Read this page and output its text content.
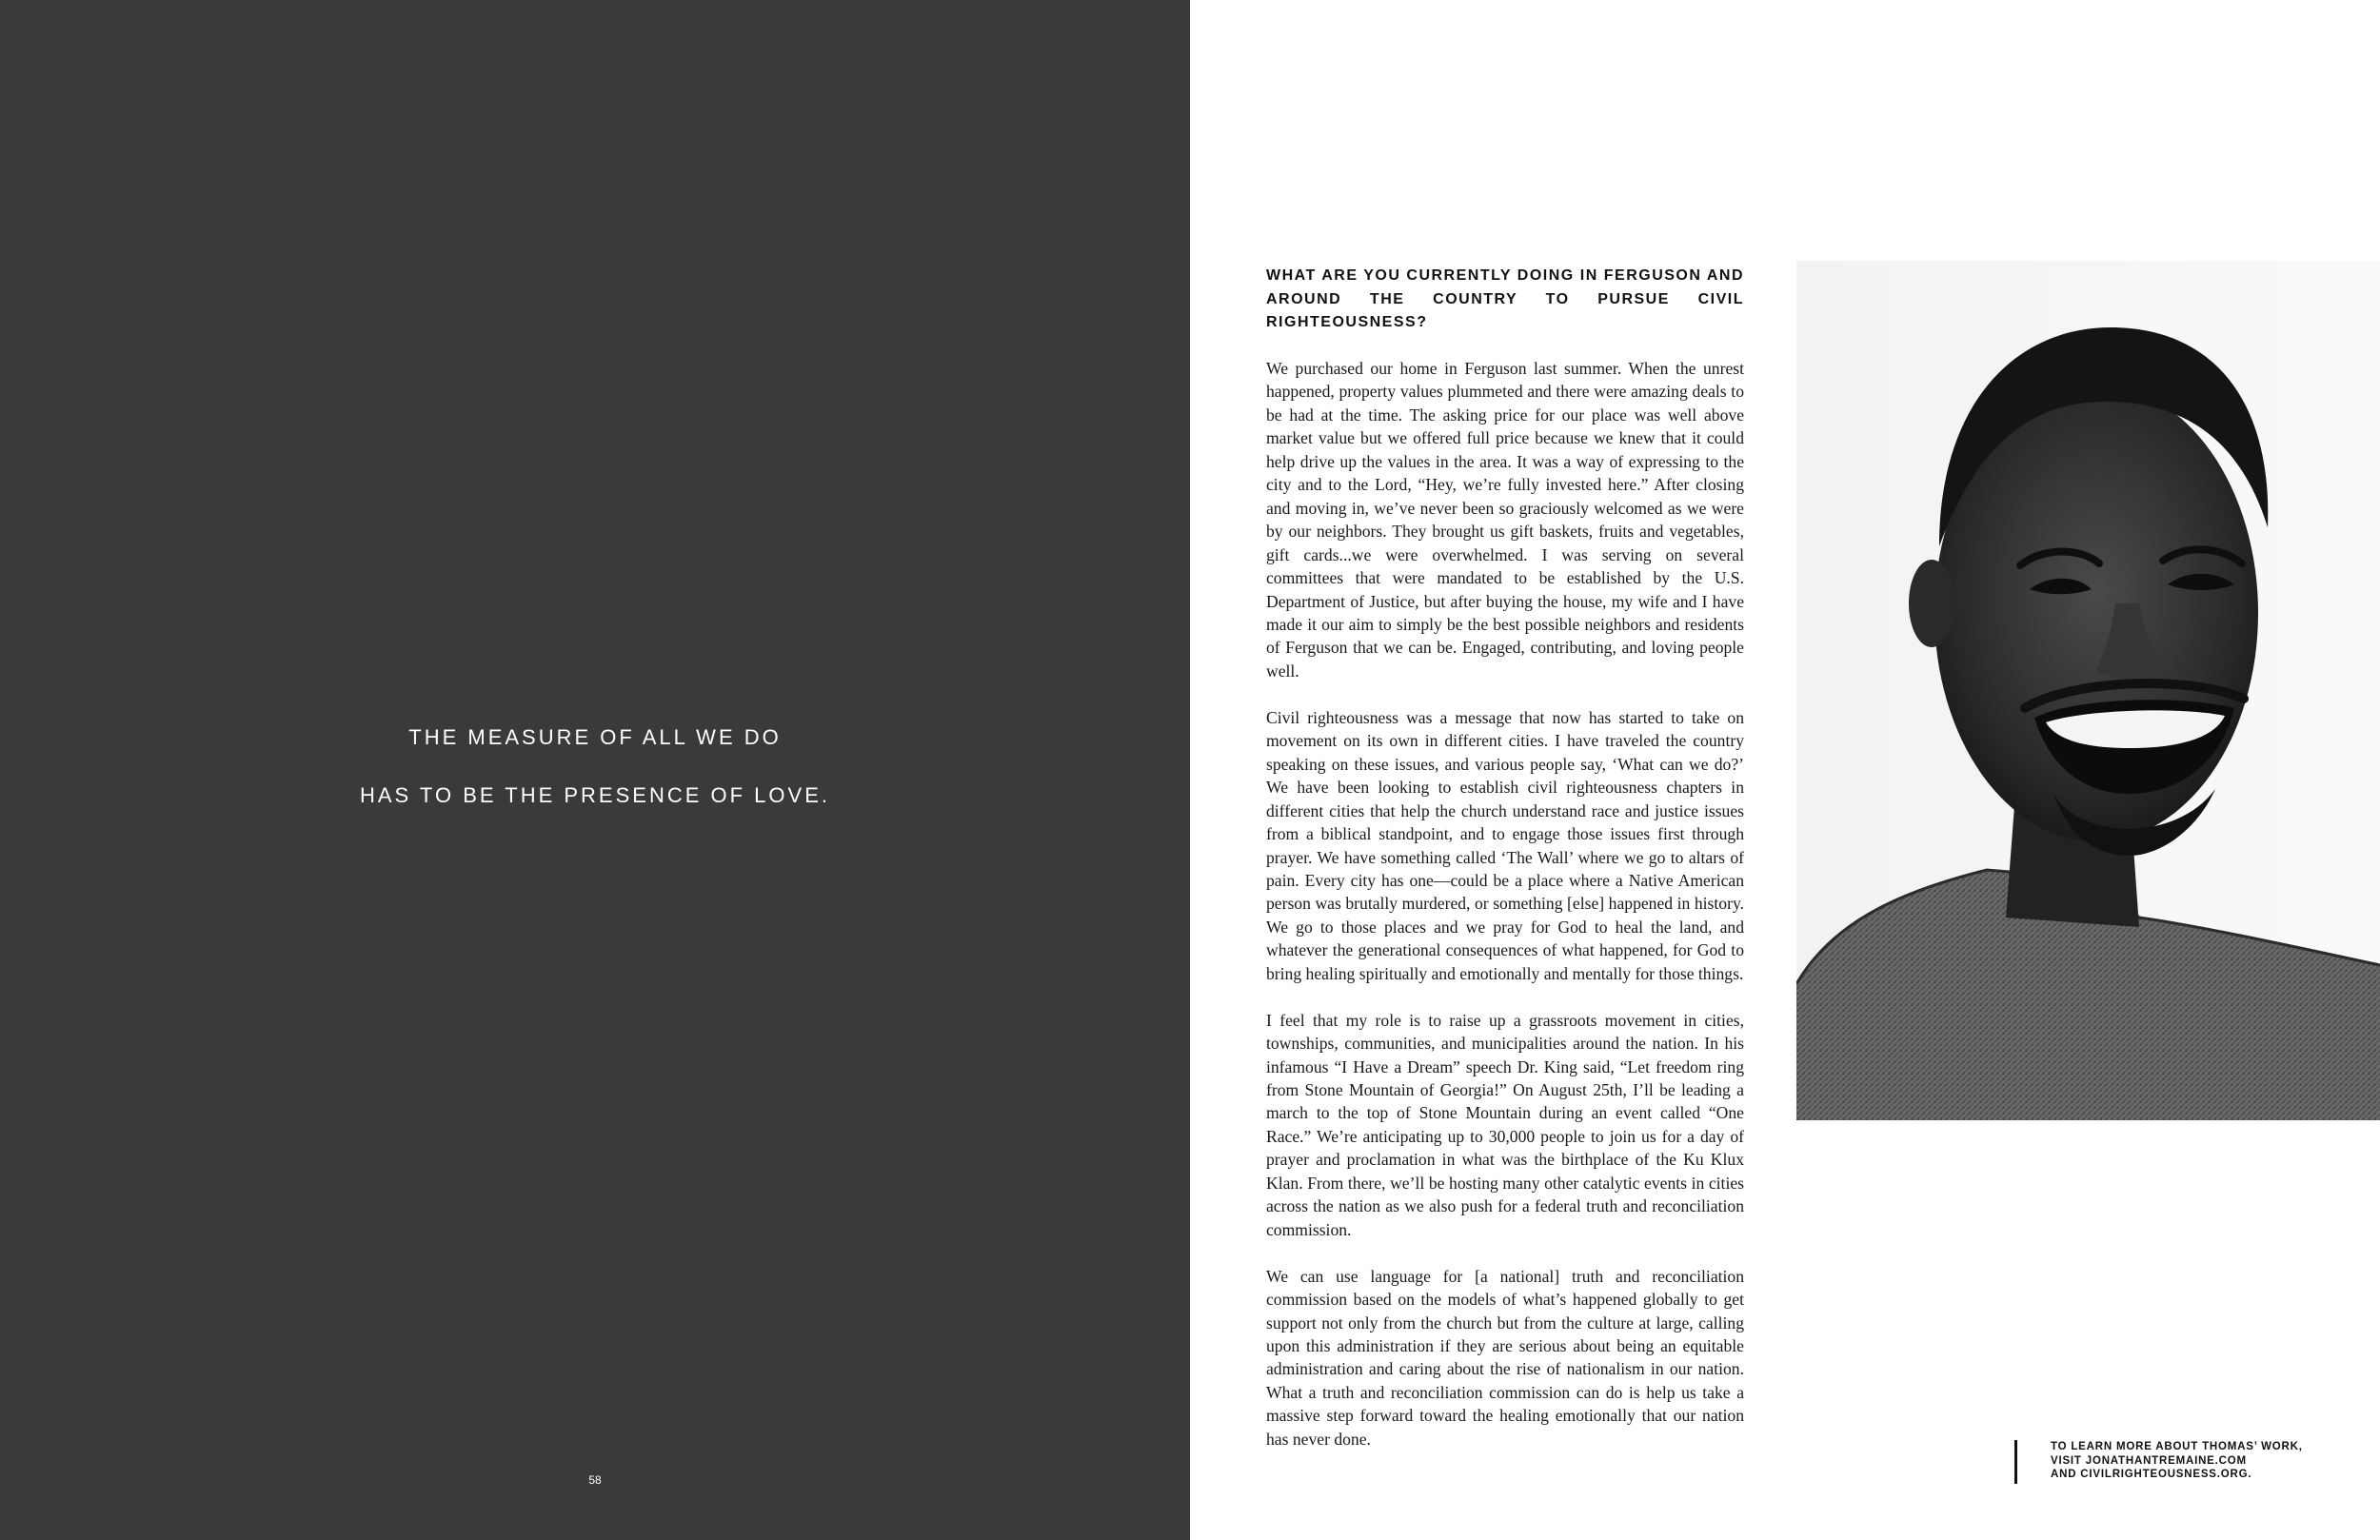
THE MEASURE OF ALL WE DO
HAS TO BE THE PRESENCE OF LOVE.
58
WHAT ARE YOU CURRENTLY DOING IN FERGUSON AND AROUND THE COUNTRY TO PURSUE CIVIL RIGHTEOUSNESS?

We purchased our home in Ferguson last summer. When the unrest happened, property values plummeted and there were amazing deals to be had at the time. The asking price for our place was well above market value but we offered full price because we knew that it could help drive up the values in the area. It was a way of expressing to the city and to the Lord, “Hey, we’re fully invested here.” After closing and moving in, we’ve never been so graciously welcomed as we were by our neighbors. They brought us gift baskets, fruits and vegetables, gift cards...we were overwhelmed. I was serving on several committees that were mandated to be established by the U.S. Department of Justice, but after buying the house, my wife and I have made it our aim to simply be the best possible neighbors and residents of Ferguson that we can be. Engaged, contributing, and loving people well.

Civil righteousness was a message that now has started to take on movement on its own in different cities. I have traveled the country speaking on these issues, and various people say, ‘What can we do?’ We have been looking to establish civil righteousness chapters in different cities that help the church understand race and justice issues from a biblical standpoint, and to engage those issues first through prayer. We have something called ‘The Wall’ where we go to altars of pain. Every city has one—could be a place where a Native American person was brutally murdered, or something [else] happened in history. We go to those places and we pray for God to heal the land, and whatever the generational consequences of what happened, for God to bring healing spiritually and emotionally and mentally for those things.

I feel that my role is to raise up a grassroots movement in cities, townships, communities, and municipalities around the nation. In his infamous “I Have a Dream” speech Dr. King said, “Let freedom ring from Stone Mountain of Georgia!” On August 25th, I’ll be leading a march to the top of Stone Mountain during an event called “One Race.” We’re anticipating up to 30,000 people to join us for a day of prayer and proclamation in what was the birthplace of the Ku Klux Klan. From there, we’ll be hosting many other catalytic events in cities across the nation as we also push for a federal truth and reconciliation commission.

We can use language for [a national] truth and reconciliation commission based on the models of what’s happened globally to get support not only from the church but from the culture at large, calling upon this administration if they are serious about being an equitable administration and caring about the rise of nationalism in our nation. What a truth and reconciliation commission can do is help us take a massive step forward toward the healing emotionally that our nation has never done.	TO LEARN MORE ABOUT THOMAS’ WORK,
VISIT JONATHANTREMAINE.COM
AND CIVILRIGHTEOUSNESS.ORG.
